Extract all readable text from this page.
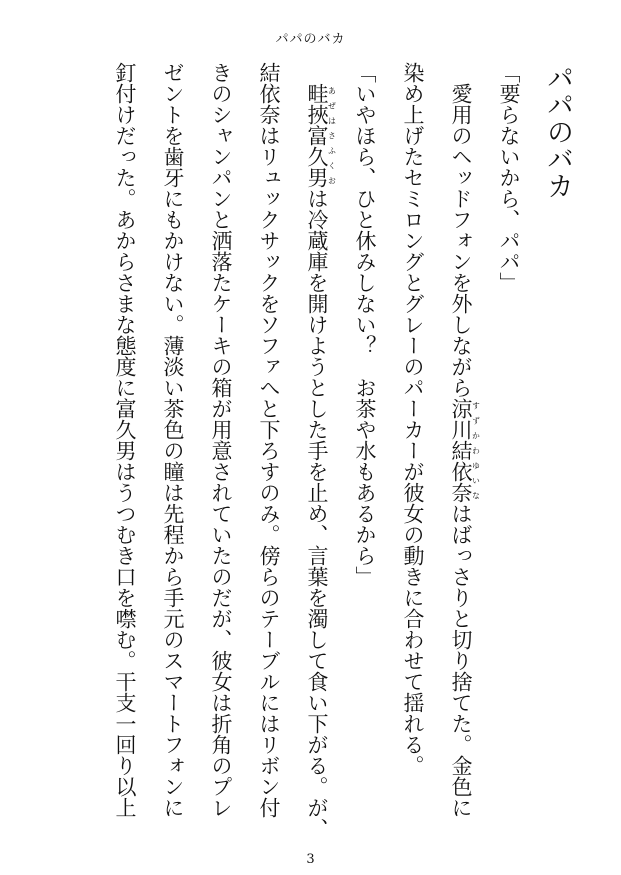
パパのバカ
パパのバカ
「要らないから、パパ」
愛用のヘッドフォンを外しながら涼川結依奈すずかわゆいなはばっさりと切り捨てた。金色に
染め上げたセミロングとグレーのパーカーが彼女の動きに合わせて揺れる。
「いやほら、ひと休みしない？　お茶や水もあるから」
畦挾富久男あぜはさふくおは冷蔵庫を開けようとした手を止め、言葉を濁して食い下がる。が、
結依奈はリュックサックをソファへと下ろすのみ。傍らのテーブルにはリボン付
きのシャンパンと洒落たケーキの箱が用意されていたのだが、彼女は折角のプレ
ゼントを歯牙にもかけない。薄淡い茶色の瞳は先程から手元のスマートフォンに
釘付けだった。あからさまな態度に富久男はうつむき口を噤む。干支一回り以上
3
